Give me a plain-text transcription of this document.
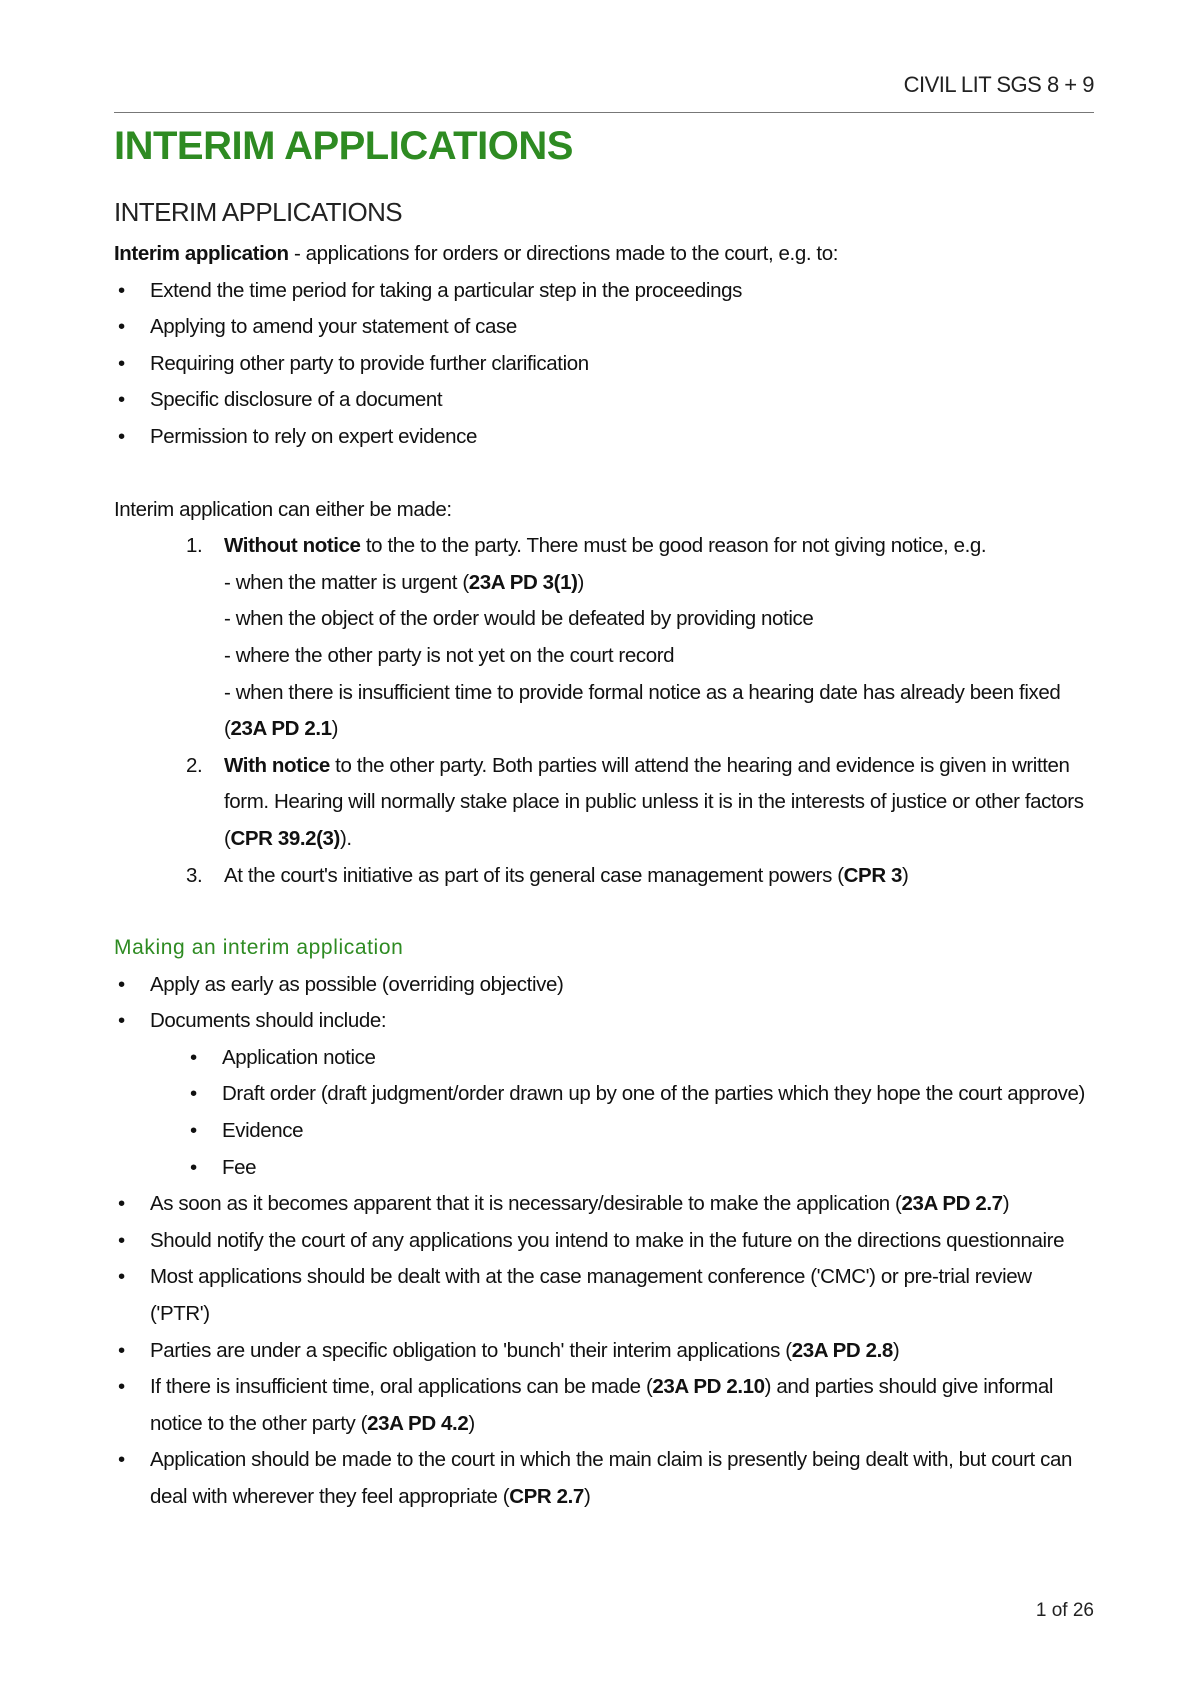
CIVIL LIT SGS 8 + 9
INTERIM APPLICATIONS
INTERIM APPLICATIONS

Interim application - applications for orders or directions made to the court, e.g. to:

• Extend the time period for taking a particular step in the proceedings
• Applying to amend your statement of case
• Requiring other party to provide further clarification
• Specific disclosure of a document
• Permission to rely on expert evidence

Interim application can either be made:

1. Without notice to the to the party. There must be good reason for not giving notice, e.g.
- when the matter is urgent (23A PD 3(1))
- when the object of the order would be defeated by providing notice
- where the other party is not yet on the court record
- when there is insufficient time to provide formal notice as a hearing date has already been fixed (23A PD 2.1)
2. With notice to the other party. Both parties will attend the hearing and evidence is given in written form. Hearing will normally stake place in public unless it is in the interests of justice or other factors (CPR 39.2(3)).
3. At the court's initiative as part of its general case management powers (CPR 3)

Making an interim application

• Apply as early as possible (overriding objective)
• Documents should include:
• Application notice
• Draft order (draft judgment/order drawn up by one of the parties which they hope the court approve)
• Evidence
• Fee
• As soon as it becomes apparent that it is necessary/desirable to make the application (23A PD 2.7)
• Should notify the court of any applications you intend to make in the future on the directions questionnaire
• Most applications should be dealt with at the case management conference ('CMC') or pre-trial review ('PTR')
• Parties are under a specific obligation to 'bunch' their interim applications (23A PD 2.8)
• If there is insufficient time, oral applications can be made (23A PD 2.10) and parties should give informal notice to the other party (23A PD 4.2)
• Application should be made to the court in which the main claim is presently being dealt with, but court can deal with wherever they feel appropriate (CPR 2.7)
1 of 26
